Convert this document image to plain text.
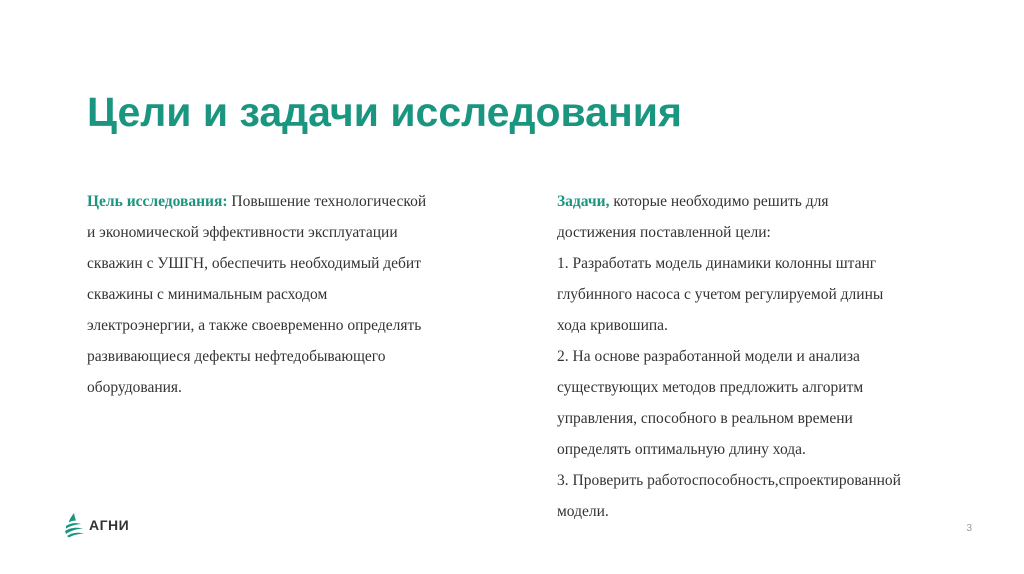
Цели и задачи исследования

Цель исследования: Повышение технологической
и экономической эффективности эксплуатации
скважин с УШГН, обеспечить необходимый дебит
скважины с минимальным расходом
электроэнергии, а также своевременно определять
развивающиеся дефекты нефтедобывающего
оборудования.

Задачи, которые необходимо решить для
достижения поставленной цели:
1. Разработать модель динамики колонны штанг
глубинного насоса с учетом регулируемой длины
хода кривошипа.
2. На основе разработанной модели и анализа
существующих методов предложить алгоритм
управления, способного в реальном времени
определять оптимальную длину хода.
3. Проверить работоспособность,спроектированной
модели.

АГНИ	3
